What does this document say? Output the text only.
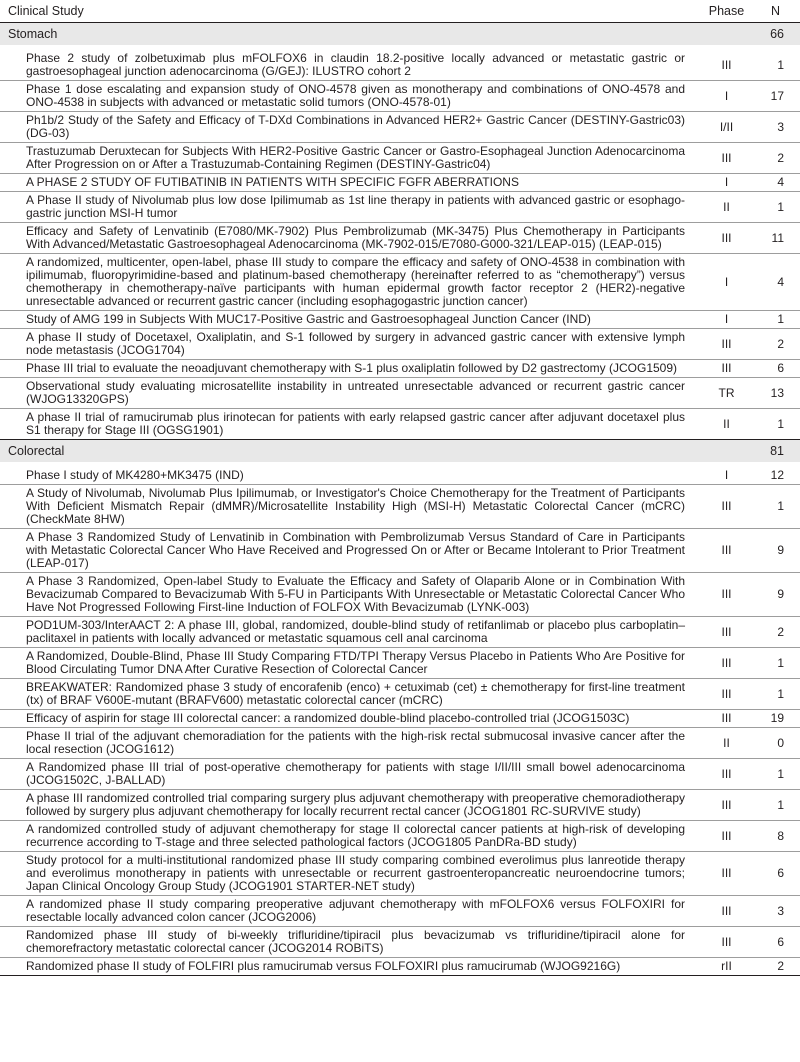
Clinical Study	Phase	N
Stomach		66

Phase 2 study of zolbetuximab plus mFOLFOX6 in claudin 18.2-positive locally advanced or metastatic gastric or gastroesophageal junction adenocarcinoma (G/GEJ): ILUSTRO cohort 2	III	1
Phase 1 dose escalating and expansion study of ONO-4578 given as monotherapy and combinations of ONO-4578 and ONO-4538 in subjects with advanced or metastatic solid tumors (ONO-4578-01)	I	17
Ph1b/2 Study of the Safety and Efficacy of T-DXd Combinations in Advanced HER2+ Gastric Cancer (DESTINY-Gastric03) (DG-03)	I/II	3
Trastuzumab Deruxtecan for Subjects With HER2-Positive Gastric Cancer or Gastro-Esophageal Junction Adenocarcinoma After Progression on or After a Trastuzumab-Containing Regimen (DESTINY-Gastric04)	III	2
A PHASE 2 STUDY OF FUTIBATINIB IN PATIENTS WITH SPECIFIC FGFR ABERRATIONS	I	4
A Phase II study of Nivolumab plus low dose Ipilimumab as 1st line therapy in patients with advanced gastric or esophago-gastric junction MSI-H tumor	II	1
Efficacy and Safety of Lenvatinib (E7080/MK-7902) Plus Pembrolizumab (MK-3475) Plus Chemotherapy in Participants With Advanced/Metastatic Gastroesophageal Adenocarcinoma (MK-7902-015/E7080-G000-321/LEAP-015) (LEAP-015)	III	11
A randomized, multicenter, open-label, phase III study to compare the efficacy and safety of ONO-4538 in combination with ipilimumab, fluoropyrimidine-based and platinum-based chemotherapy (hereinafter referred to as “chemotherapy”) versus chemotherapy in chemotherapy-naïve participants with human epidermal growth factor receptor 2 (HER2)-negative unresectable advanced or recurrent gastric cancer (including esophagogastric junction cancer)	I	4
Study of AMG 199 in Subjects With MUC17-Positive Gastric and Gastroesophageal Junction Cancer (IND)	I	1
A phase II study of Docetaxel, Oxaliplatin, and S-1 followed by surgery in advanced gastric cancer with extensive lymph node metastasis (JCOG1704)	III	2
Phase III trial to evaluate the neoadjuvant chemotherapy with S-1 plus oxaliplatin followed by D2 gastrectomy (JCOG1509)	III	6
Observational study evaluating microsatellite instability in untreated unresectable advanced or recurrent gastric cancer (WJOG13320GPS)	TR	13
A phase II trial of ramucirumab plus irinotecan for patients with early relapsed gastric cancer after adjuvant docetaxel plus S1 therapy for Stage III (OGSG1901)	II	1
Colorectal		81

Phase I study of MK4280+MK3475 (IND)	I	12
A Study of Nivolumab, Nivolumab Plus Ipilimumab, or Investigator's Choice Chemotherapy for the Treatment of Participants With Deficient Mismatch Repair (dMMR)/Microsatellite Instability High (MSI-H) Metastatic Colorectal Cancer (mCRC) (CheckMate 8HW)	III	1
A Phase 3 Randomized Study of Lenvatinib in Combination with Pembrolizumab Versus Standard of Care in Participants with Metastatic Colorectal Cancer Who Have Received and Progressed On or After or Became Intolerant to Prior Treatment (LEAP-017)	III	9
A Phase 3 Randomized, Open-label Study to Evaluate the Efficacy and Safety of Olaparib Alone or in Combination With Bevacizumab Compared to Bevacizumab With 5-FU in Participants With Unresectable or Metastatic Colorectal Cancer Who Have Not Progressed Following First-line Induction of FOLFOX With Bevacizumab (LYNK-003)	III	9
POD1UM-303/InterAACT 2: A phase III, global, randomized, double-blind study of retifanlimab or placebo plus carboplatin–paclitaxel in patients with locally advanced or metastatic squamous cell anal carcinoma	III	2
A Randomized, Double-Blind, Phase III Study Comparing FTD/TPI Therapy Versus Placebo in Patients Who Are Positive for Blood Circulating Tumor DNA After Curative Resection of Colorectal Cancer	III	1
BREAKWATER: Randomized phase 3 study of encorafenib (enco) + cetuximab (cet) ± chemotherapy for first-line treatment (tx) of BRAF V600E-mutant (BRAFV600) metastatic colorectal cancer (mCRC)	III	1
Efficacy of aspirin for stage III colorectal cancer: a randomized double-blind placebo-controlled trial (JCOG1503C)	III	19
Phase II trial of the adjuvant chemoradiation for the patients with the high-risk rectal submucosal invasive cancer after the local resection (JCOG1612)	II	0
A Randomized phase III trial of post-operative chemotherapy for patients with stage I/II/III small bowel adenocarcinoma (JCOG1502C, J-BALLAD)	III	1
A phase III randomized controlled trial comparing surgery plus adjuvant chemotherapy with preoperative chemoradiotherapy followed by surgery plus adjuvant chemotherapy for locally recurrent rectal cancer (JCOG1801 RC-SURVIVE study)	III	1
A randomized controlled study of adjuvant chemotherapy for stage II colorectal cancer patients at high-risk of developing recurrence according to T-stage and three selected pathological factors (JCOG1805 PanDRa-BD study)	III	8
Study protocol for a multi-institutional randomized phase III study comparing combined everolimus plus lanreotide therapy and everolimus monotherapy in patients with unresectable or recurrent gastroenteropancreatic neuroendocrine tumors; Japan Clinical Oncology Group Study (JCOG1901 STARTER-NET study)	III	6
A randomized phase II study comparing preoperative adjuvant chemotherapy with mFOLFOX6 versus FOLFOXIRI for resectable locally advanced colon cancer (JCOG2006)	III	3
Randomized phase III study of bi-weekly trifluridine/tipiracil plus bevacizumab vs trifluridine/tipiracil alone for chemorefractory metastatic colorectal cancer (JCOG2014 ROBiTS)	III	6
Randomized phase II study of FOLFIRI plus ramucirumab versus FOLFOXIRI plus ramucirumab (WJOG9216G)	rII	2
